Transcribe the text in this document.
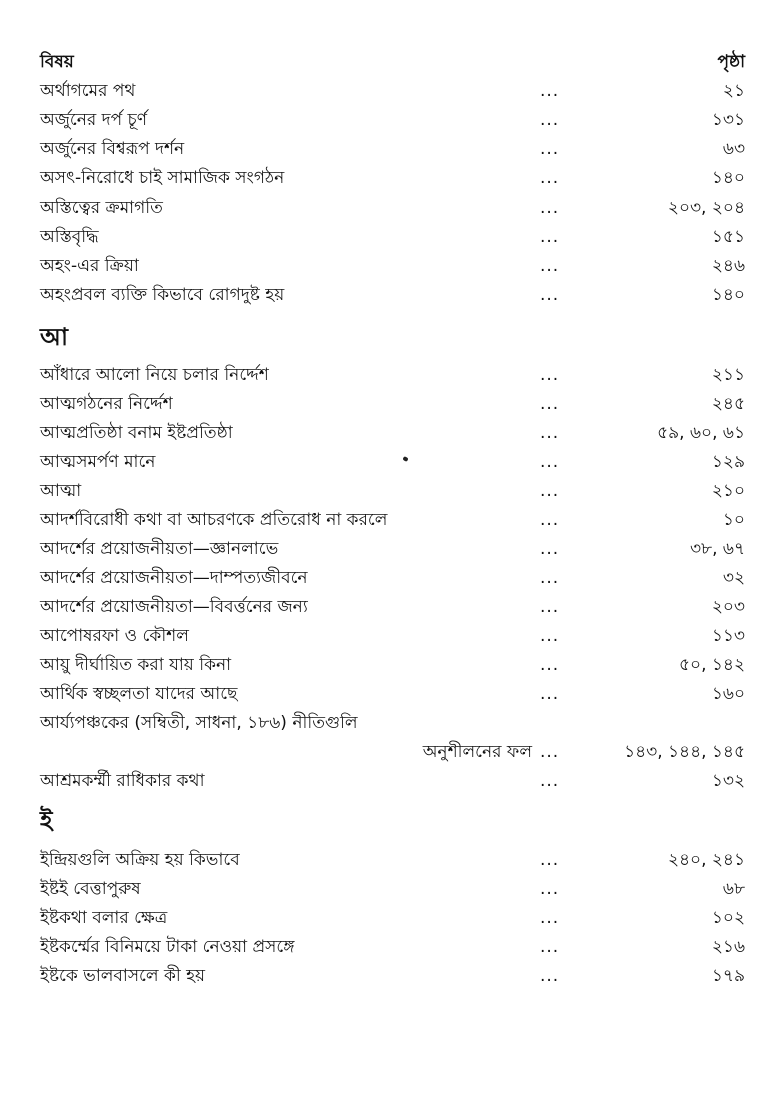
বিষয়	পৃষ্ঠা
অর্থাগমের পথ	...	২১
অর্জুনের দর্প চূর্ণ	...	১৩১
অর্জুনের বিশ্বরূপ দর্শন	...	৬৩
অসৎ-নিরোধে চাই সামাজিক সংগঠন	...	১৪০
অস্তিত্বের ক্রমাগতি	...	২০৩, ২০৪
অস্তিবৃদ্ধি	...	১৫১
অহং-এর ক্রিয়া	...	২৪৬
অহংপ্রবল ব্যক্তি কিভাবে রোগদুষ্ট হয়	...	১৪০
আ
আঁধারে আলো নিয়ে চলার নির্দ্দেশ	...	২১১
আত্মগঠনের নির্দ্দেশ	...	২৪৫
আত্মপ্রতিষ্ঠা বনাম ইষ্টপ্রতিষ্ঠা	...	৫৯, ৬০, ৬১
আত্মসমর্পণ মানে	...	১২৯
আত্মা	...	২১০
আদর্শবিরোধী কথা বা আচরণকে প্রতিরোধ না করলে	...	১০
আদর্শের প্রয়োজনীয়তা—জ্ঞানলাভে	...	৩৮, ৬৭
আদর্শের প্রয়োজনীয়তা—দাম্পত্যজীবনে	...	৩২
আদর্শের প্রয়োজনীয়তা—বিবর্ত্তনের জন্য	...	২০৩
আপোষরফা ও কৌশল	...	১১৩
আয়ু দীর্ঘায়িত করা যায় কিনা	...	৫০, ১৪২
আর্থিক স্বচ্ছলতা যাদের আছে	...	১৬০
আর্য্যপঞ্চকের (সম্বিতী, সাধনা, ১৮৬) নীতিগুলি
অনুশীলনের ফল ...	১৪৩, ১৪৪, ১৪৫
আশ্রমকর্ম্মী রাধিকার কথা	...	১৩২
ই
ইন্দ্রিয়গুলি অক্রিয় হয় কিভাবে	...	২৪০, ২৪১
ইষ্টই বেত্তাপুরুষ	...	৬৮
ইষ্টকথা বলার ক্ষেত্র	...	১০২
ইষ্টকর্ম্মের বিনিময়ে টাকা নেওয়া প্রসঙ্গে	...	২১৬
ইষ্টকে ভালবাসলে কী হয়	...	১৭৯
